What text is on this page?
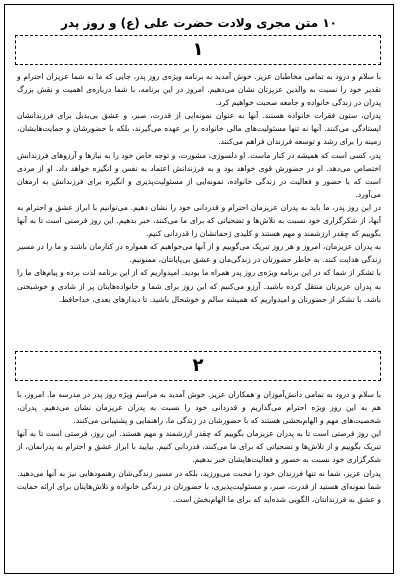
۱۰ متن مجری ولادت حضرت علی (ع) و روز پدر
۱

با سلام و درود به تمامی مخاطبان عزیز. خوش آمدید به برنامه ویژه‌ی روز پدر، جایی که ما به شما عزیزان احترام و تقدیر خود را نسبت به والدین عزیزتان نشان می‌دهیم. امروز در این برنامه، با شما درباره‌ی اهمیت و نقش بزرگ پدران در زندگی خانواده و جامعه صحبت خواهیم کرد.

پدران، ستون فقرات خانواده هستند. آنها به عنوان نمونه‌ایی از قدرت، صبر، و عشق بی‌بدیل برای فرزندانشان ایستادگی می‌کنند. آنها نه تنها مسئولیت‌های مالی خانواده را بر عهده می‌گیرند، بلکه با حضورشان و حمایت‌هایشان، زمینه را برای رشد و توسعه فرزندان فراهم می‌کنند.

پدر، کسی است که همیشه در کنار ماست. او دلسوزی، مشورت، و توجه خاص خود را به نیازها و آرزوهای فرزندانش اختصاص می‌دهد. او در حضورش قوی خواهد بود و به فرزندانش اعتماد به نفس و انگیزه خواهد داد. او از مردی است که با حضور و فعالیت در زندگی خانواده، نمونه‌ایی از مسئولیت‌پذیری و انگیزه برای فرزندانش به ارمغان می‌آورد.

در این روز پدر، ما باید به پدران عزیزمان احترام و قدردانی خود را نشان دهیم. می‌توانیم با ابراز عشق و احترام به آنها، از شکرگزاری خود نسبت به تلاش‌ها و تضحیاتی که برای ما می‌کنند، خبر بدهیم. این روز فرصتی است تا به آنها بگوییم که چقدر ارزشمند و مهم هستند و کلیدی ژحماتشان را قدردانی کنیم.

به پدران عزیزمان، امروز و هر روز تبریک می‌گوییم و از آنها می‌خواهیم که همواره در کنارمان باشند و ما را در مسیر زندگی هدایت کنند. به خاطر حضورتان در زندگی‌مان و عشق بی‌پایانتان، ممنونیم.

با تشکر از شما که در این برنامه ویژه‌ی روز پدر همراه ما بودید. امیدواریم که از این برنامه لذت برده و پیام‌های ما را به پدران عزیزتان منتقل کرده باشید. آرزو می‌کنیم که این روز برای شما و خانواده‌هایتان پر از شادی و خوشبختی باشد. با تشکر از حضورتان و امیدواریم که همیشه سالم و خوشحال باشید. تا دیدارهای بعدی، خداحافظ.

۲

با سلام و درود به تمامی دانش‌آموزان و همکاران عزیز. خوش آمدید به مراسم ویژه روز پدر در مدرسه ما. امروز، با هم به این روز ویژه احترام می‌گذاریم و قدردانی خود را نسبت به پدران عزیزمان نشان می‌دهیم. پدران، شخصیت‌های مهم و الهام‌بخشی هستند که با حضورشان در زندگی ما، راهنمایی و پشتیبانی می‌کنند.

این روز فرصتی است تا به پدران عزیزمان بگوییم که چقدر ارزشمند و مهم هستند. این روز، فرصتی است تا به آنها تبریک بگوییم و از تلاش‌ها و تضحیاتی که برای ما می‌کنند، قدردانی کنیم. بیایید با ابراز عشق و احترام به پدرانمان، از شکرگزاری خود نسبت به حضور و فعالیت‌هایشان خبر بدهیم.

پدران عزیز، شما نه تنها فرزندان خود را محبت می‌ورزید، بلکه در مسیر زندگی‌شان رهنمودهایی نیز به آنها می‌دهید. شما نمونه‌ای هستید از قدرت، صبر، و مسئولیت‌پذیری، با حضورتان در زندگی خانواده و تلاش‌هایتان برای ارائه حمایت و عشق به فرزندانتان، الگویی شده‌اید که برای ما الهام‌بخش است.
